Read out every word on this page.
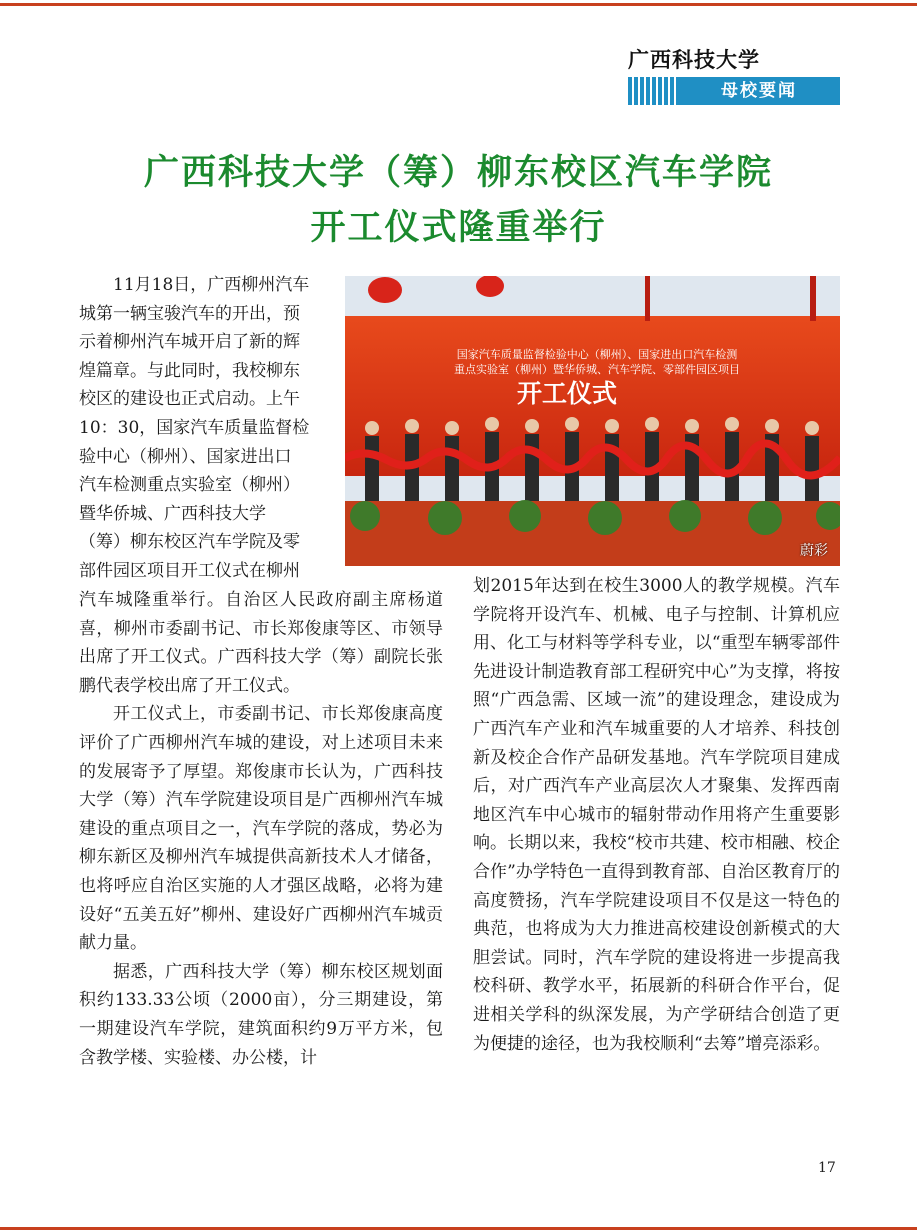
广西科技大学
母校要闻
广西科技大学（筹）柳东校区汽车学院
开工仪式隆重举行
国家汽车质量监督检验中心（柳州）、国家进出口汽车检测
重点实验室（柳州）暨华侨城、汽车学院、零部件园区项目
开工仪式
蔚彩
11月18日，广西柳州汽车
城第一辆宝骏汽车的开出，预
示着柳州汽车城开启了新的辉
煌篇章。与此同时，我校柳东
校区的建设也正式启动。上午
10：30，国家汽车质量监督检
验中心（柳州）、国家进出口
汽车检测重点实验室（柳州）
暨华侨城、广西科技大学
（筹）柳东校区汽车学院及零
部件园区项目开工仪式在柳州

汽车城隆重举行。自治区人民政府副主席杨道喜，柳州市委副书记、市长郑俊康等区、市领导出席了开工仪式。广西科技大学（筹）副院长张鹏代表学校出席了开工仪式。

开工仪式上，市委副书记、市长郑俊康高度评价了广西柳州汽车城的建设，对上述项目未来的发展寄予了厚望。郑俊康市长认为，广西科技大学（筹）汽车学院建设项目是广西柳州汽车城建设的重点项目之一，汽车学院的落成，势必为柳东新区及柳州汽车城提供高新技术人才储备，也将呼应自治区实施的人才强区战略，必将为建设好“五美五好”柳州、建设好广西柳州汽车城贡献力量。

据悉，广西科技大学（筹）柳东校区规划面积约133.33公顷（2000亩），分三期建设，第一期建设汽车学院，建筑面积约9万平方米，包含教学楼、实验楼、办公楼，计

划2015年达到在校生3000人的教学规模。汽车学院将开设汽车、机械、电子与控制、计算机应用、化工与材料等学科专业，以“重型车辆零部件先进设计制造教育部工程研究中心”为支撑，将按照“广西急需、区域一流”的建设理念，建设成为广西汽车产业和汽车城重要的人才培养、科技创新及校企合作产品研发基地。汽车学院项目建成后，对广西汽车产业高层次人才聚集、发挥西南地区汽车中心城市的辐射带动作用将产生重要影响。长期以来，我校“校市共建、校市相融、校企合作”办学特色一直得到教育部、自治区教育厅的高度赞扬，汽车学院建设项目不仅是这一特色的典范，也将成为大力推进高校建设创新模式的大胆尝试。同时，汽车学院的建设将进一步提高我校科研、教学水平，拓展新的科研合作平台，促进相关学科的纵深发展，为产学研结合创造了更为便捷的途径，也为我校顺利“去筹”增亮添彩。

17
